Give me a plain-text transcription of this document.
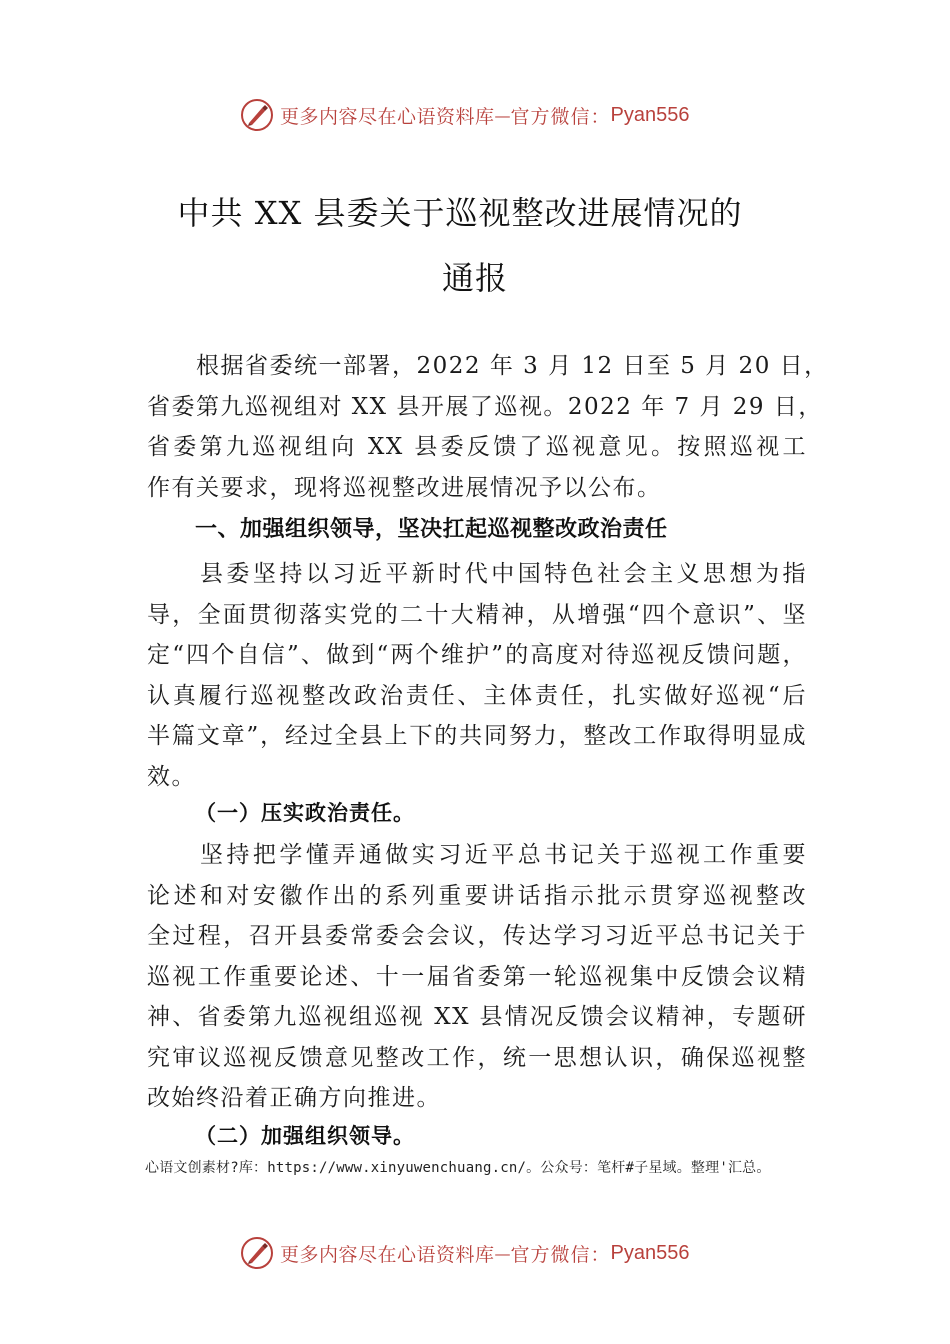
更多内容尽在心语资料库 — 官方微信： Pyan556
中共 XX 县委关于巡视整改进展情况的
通报
　　根据省委统一部署，2022 年 3 月 12 日至 5 月 20 日，
省委第九巡视组对 XX 县开展了巡视。2022 年 7 月 29 日，
省委第九巡视组向 XX 县委反馈了巡视意见。按照巡视工
作有关要求，现将巡视整改进展情况予以公布。
一、加强组织领导，坚决扛起巡视整改政治责任
　　县委坚持以习近平新时代中国特色社会主义思想为指
导，全面贯彻落实党的二十大精神，从增强“四个意识”、坚
定“四个自信”、做到“两个维护”的高度对待巡视反馈问题，
认真履行巡视整改政治责任、主体责任，扎实做好巡视“后
半篇文章”，经过全县上下的共同努力，整改工作取得明显成
效。
（一）压实政治责任。
　　坚持把学懂弄通做实习近平总书记关于巡视工作重要
论述和对安徽作出的系列重要讲话指示批示贯穿巡视整改
全过程，召开县委常委会会议，传达学习习近平总书记关于
巡视工作重要论述、十一届省委第一轮巡视集中反馈会议精
神、省委第九巡视组巡视 XX 县情况反馈会议精神，专题研
究审议巡视反馈意见整改工作，统一思想认识，确保巡视整
改始终沿着正确方向推进。
（二）加强组织领导。
心语文创素材?库：https://www.xinyuwenchuang.cn/。公众号：笔杆#子星域。整理'汇总。
更多内容尽在心语资料库 — 官方微信： Pyan556
